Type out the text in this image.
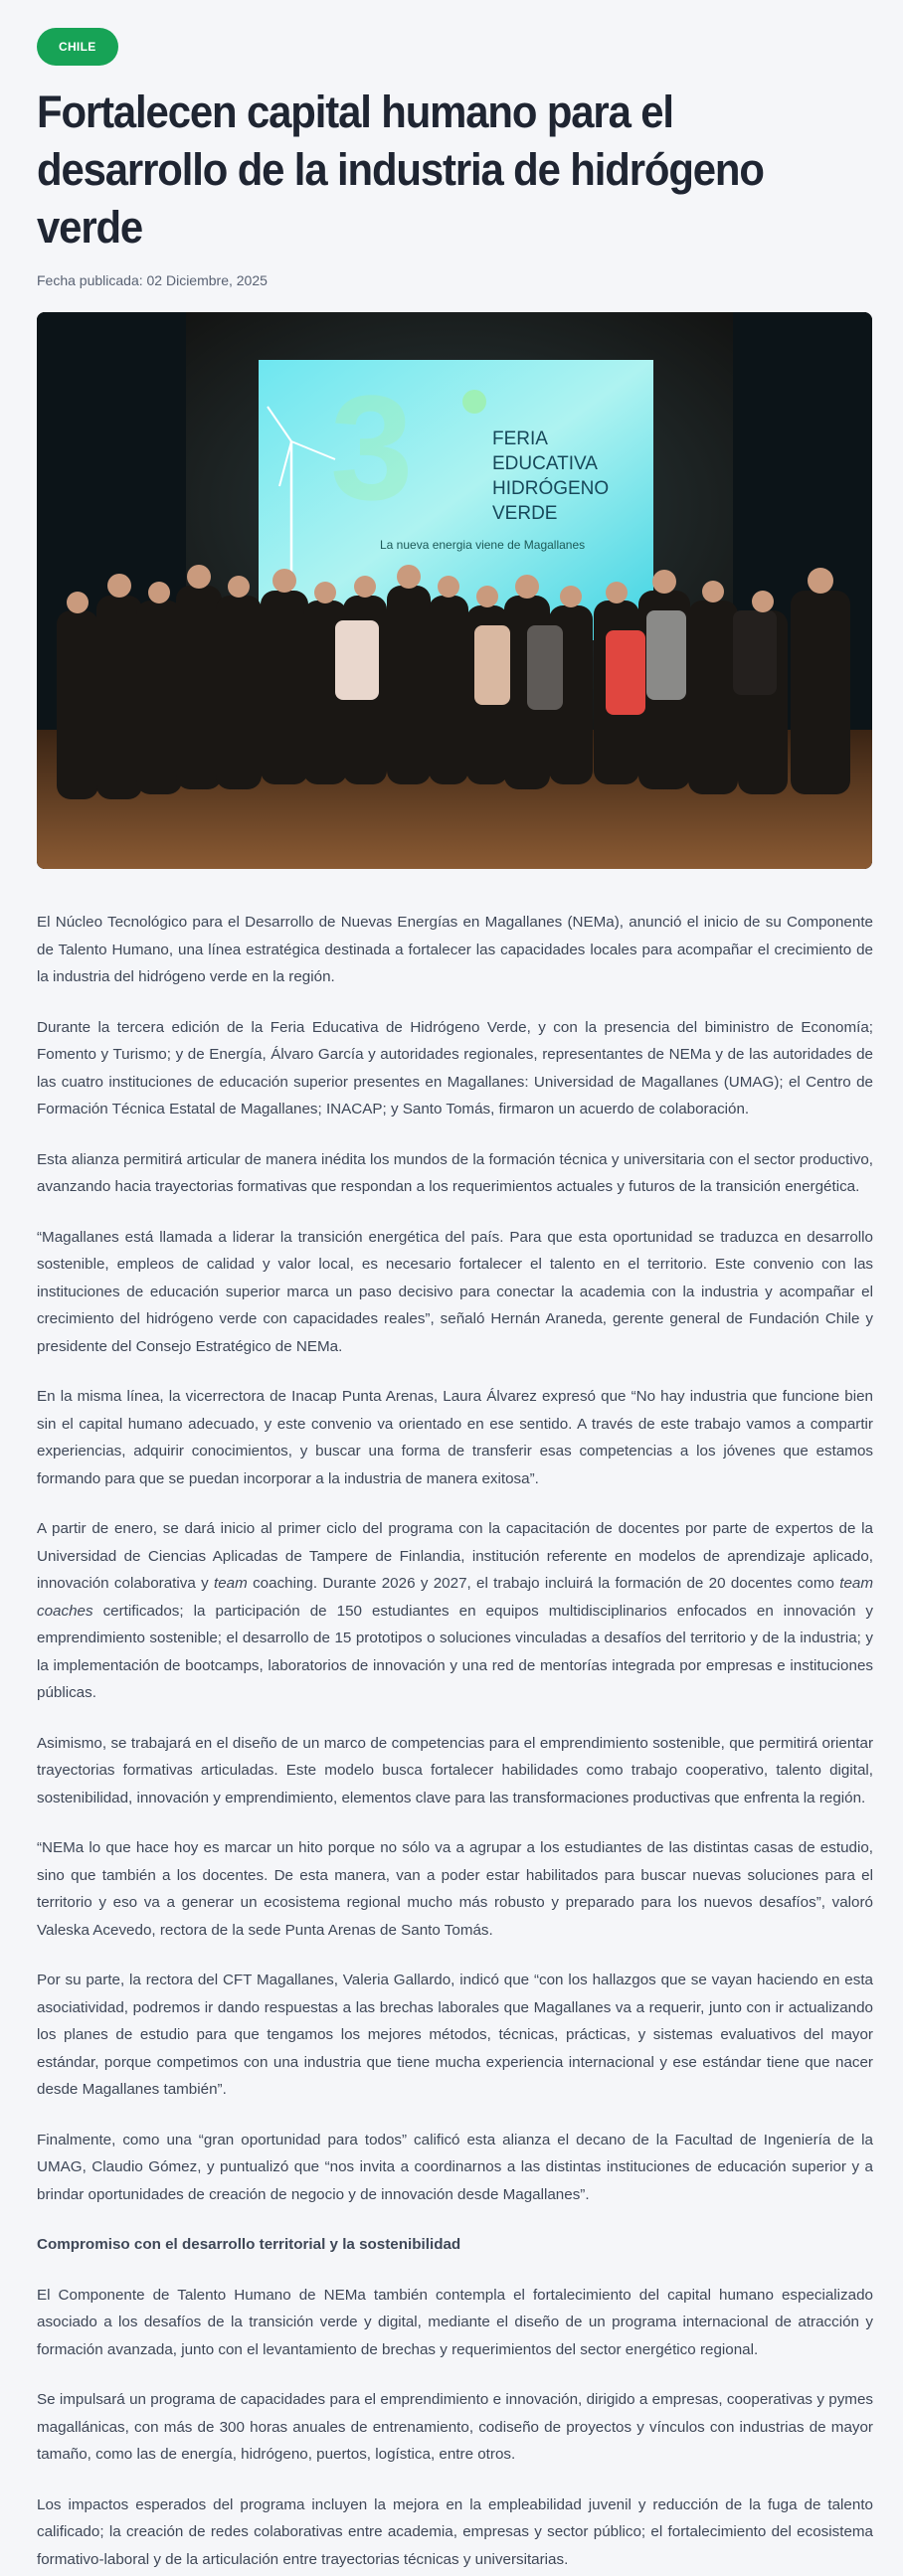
CHILE
Fortalecen capital humano para el desarrollo de la industria de hidrógeno verde
Fecha publicada: 02 Diciembre, 2025
3	FERIA
EDUCATIVA
HIDRÓGENO
VERDE
La nueva energia viene de Magallanes

El Núcleo Tecnológico para el Desarrollo de Nuevas Energías en Magallanes (NEMa), anunció el inicio de su Componente de Talento Humano, una línea estratégica destinada a fortalecer las capacidades locales para acompañar el crecimiento de la industria del hidrógeno verde en la región.

Durante la tercera edición de la Feria Educativa de Hidrógeno Verde, y con la presencia del biministro de Economía; Fomento y Turismo; y de Energía, Álvaro García y autoridades regionales, representantes de NEMa y de las autoridades de las cuatro instituciones de educación superior presentes en Magallanes: Universidad de Magallanes (UMAG); el Centro de Formación Técnica Estatal de Magallanes; INACAP; y Santo Tomás, firmaron un acuerdo de colaboración.

Esta alianza permitirá articular de manera inédita los mundos de la formación técnica y universitaria con el sector productivo, avanzando hacia trayectorias formativas que respondan a los requerimientos actuales y futuros de la transición energética.

“Magallanes está llamada a liderar la transición energética del país. Para que esta oportunidad se traduzca en desarrollo sostenible, empleos de calidad y valor local, es necesario fortalecer el talento en el territorio. Este convenio con las instituciones de educación superior marca un paso decisivo para conectar la academia con la industria y acompañar el crecimiento del hidrógeno verde con capacidades reales”, señaló Hernán Araneda, gerente general de Fundación Chile y presidente del Consejo Estratégico de NEMa.

En la misma línea, la vicerrectora de Inacap Punta Arenas, Laura Álvarez expresó que “No hay industria que funcione bien sin el capital humano adecuado, y este convenio va orientado en ese sentido. A través de este trabajo vamos a compartir experiencias, adquirir conocimientos, y buscar una forma de transferir esas competencias a los jóvenes que estamos formando para que se puedan incorporar a la industria de manera exitosa”.

A partir de enero, se dará inicio al primer ciclo del programa con la capacitación de docentes por parte de expertos de la Universidad de Ciencias Aplicadas de Tampere de Finlandia, institución referente en modelos de aprendizaje aplicado, innovación colaborativa y team coaching. Durante 2026 y 2027, el trabajo incluirá la formación de 20 docentes como team coaches certificados; la participación de 150 estudiantes en equipos multidisciplinarios enfocados en innovación y emprendimiento sostenible; el desarrollo de 15 prototipos o soluciones vinculadas a desafíos del territorio y de la industria; y la implementación de bootcamps, laboratorios de innovación y una red de mentorías integrada por empresas e instituciones públicas.

Asimismo, se trabajará en el diseño de un marco de competencias para el emprendimiento sostenible, que permitirá orientar trayectorias formativas articuladas. Este modelo busca fortalecer habilidades como trabajo cooperativo, talento digital, sostenibilidad, innovación y emprendimiento, elementos clave para las transformaciones productivas que enfrenta la región.

“NEMa lo que hace hoy es marcar un hito porque no sólo va a agrupar a los estudiantes de las distintas casas de estudio, sino que también a los docentes. De esta manera, van a poder estar habilitados para buscar nuevas soluciones para el territorio y eso va a generar un ecosistema regional mucho más robusto y preparado para los nuevos desafíos”, valoró Valeska Acevedo, rectora de la sede Punta Arenas de Santo Tomás.

Por su parte, la rectora del CFT Magallanes, Valeria Gallardo, indicó que “con los hallazgos que se vayan haciendo en esta asociatividad, podremos ir dando respuestas a las brechas laborales que Magallanes va a requerir, junto con ir actualizando los planes de estudio para que tengamos los mejores métodos, técnicas, prácticas, y sistemas evaluativos del mayor estándar, porque competimos con una industria que tiene mucha experiencia internacional y ese estándar tiene que nacer desde Magallanes también”.

Finalmente, como una “gran oportunidad para todos” calificó esta alianza el decano de la Facultad de Ingeniería de la UMAG, Claudio Gómez, y puntualizó que “nos invita a coordinarnos a las distintas instituciones de educación superior y a brindar oportunidades de creación de negocio y de innovación desde Magallanes”.

Compromiso con el desarrollo territorial y la sostenibilidad

El Componente de Talento Humano de NEMa también contempla el fortalecimiento del capital humano especializado asociado a los desafíos de la transición verde y digital, mediante el diseño de un programa internacional de atracción y formación avanzada, junto con el levantamiento de brechas y requerimientos del sector energético regional.

Se impulsará un programa de capacidades para el emprendimiento e innovación, dirigido a empresas, cooperativas y pymes magallánicas, con más de 300 horas anuales de entrenamiento, codiseño de proyectos y vínculos con industrias de mayor tamaño, como las de energía, hidrógeno, puertos, logística, entre otros.

Los impactos esperados del programa incluyen la mejora en la empleabilidad juvenil y reducción de la fuga de talento calificado; la creación de redes colaborativas entre academia, empresas y sector público; el fortalecimiento del ecosistema formativo-laboral y de la articulación entre trayectorias técnicas y universitarias.
